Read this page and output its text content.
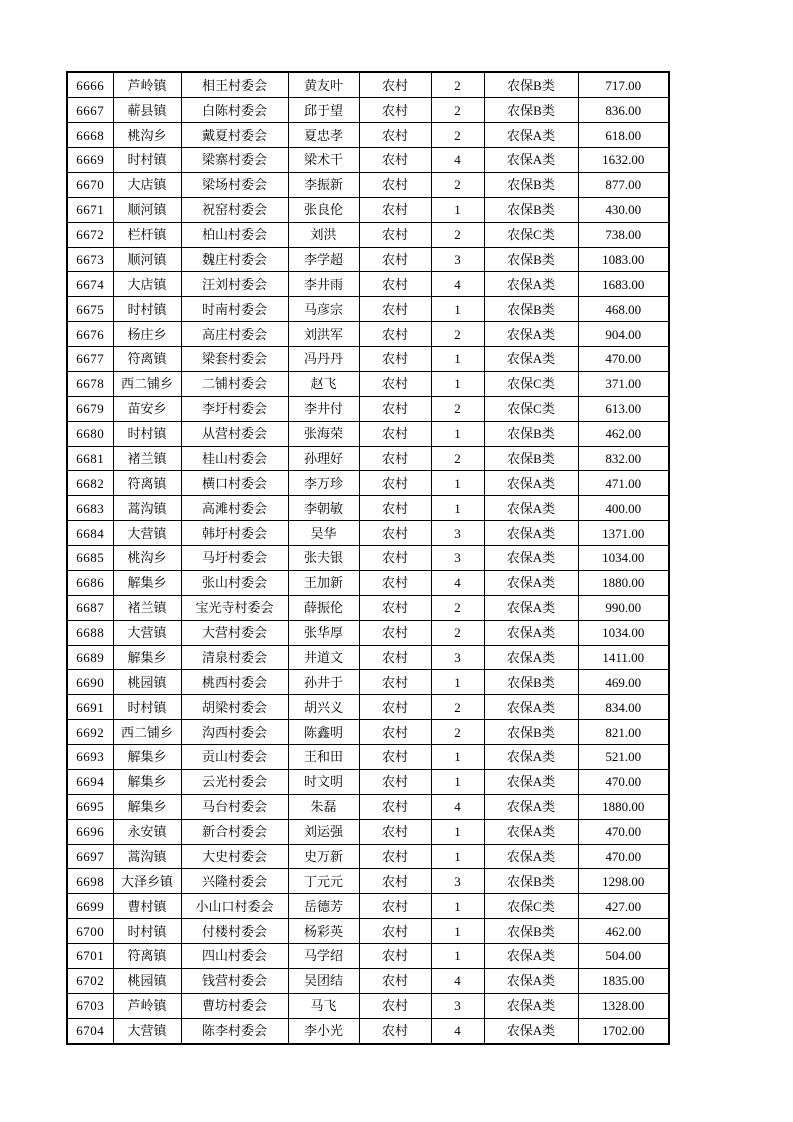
6666	芦岭镇	相王村委会	黄友叶	农村	2	农保B类	717.00
6667	蕲县镇	白陈村委会	邱于望	农村	2	农保B类	836.00
6668	桃沟乡	戴夏村委会	夏忠孝	农村	2	农保A类	618.00
6669	时村镇	梁寨村委会	梁术干	农村	4	农保A类	1632.00
6670	大店镇	梁场村委会	李振新	农村	2	农保B类	877.00
6671	顺河镇	祝窑村委会	张良伦	农村	1	农保B类	430.00
6672	栏杆镇	柏山村委会	刘洪	农村	2	农保C类	738.00
6673	顺河镇	魏庄村委会	李学超	农村	3	农保B类	1083.00
6674	大店镇	汪刘村委会	李井雨	农村	4	农保A类	1683.00
6675	时村镇	时南村委会	马彦宗	农村	1	农保B类	468.00
6676	杨庄乡	高庄村委会	刘洪军	农村	2	农保A类	904.00
6677	符离镇	梁套村委会	冯丹丹	农村	1	农保A类	470.00
6678	西二铺乡	二铺村委会	赵飞	农村	1	农保C类	371.00
6679	苗安乡	李圩村委会	李井付	农村	2	农保C类	613.00
6680	时村镇	从营村委会	张海荣	农村	1	农保B类	462.00
6681	褚兰镇	桂山村委会	孙理好	农村	2	农保B类	832.00
6682	符离镇	横口村委会	李万珍	农村	1	农保A类	471.00
6683	蒿沟镇	高滩村委会	李朝敏	农村	1	农保A类	400.00
6684	大营镇	韩圩村委会	吴华	农村	3	农保A类	1371.00
6685	桃沟乡	马圩村委会	张夫银	农村	3	农保A类	1034.00
6686	解集乡	张山村委会	王加新	农村	4	农保A类	1880.00
6687	褚兰镇	宝光寺村委会	薛振伦	农村	2	农保A类	990.00
6688	大营镇	大营村委会	张华厚	农村	2	农保A类	1034.00
6689	解集乡	清泉村委会	井道文	农村	3	农保A类	1411.00
6690	桃园镇	桃西村委会	孙井于	农村	1	农保B类	469.00
6691	时村镇	胡梁村委会	胡兴义	农村	2	农保A类	834.00
6692	西二铺乡	沟西村委会	陈鑫明	农村	2	农保B类	821.00
6693	解集乡	贡山村委会	王和田	农村	1	农保A类	521.00
6694	解集乡	云光村委会	时文明	农村	1	农保A类	470.00
6695	解集乡	马台村委会	朱磊	农村	4	农保A类	1880.00
6696	永安镇	新合村委会	刘运强	农村	1	农保A类	470.00
6697	蒿沟镇	大史村委会	史万新	农村	1	农保A类	470.00
6698	大泽乡镇	兴隆村委会	丁元元	农村	3	农保B类	1298.00
6699	曹村镇	小山口村委会	岳德芳	农村	1	农保C类	427.00
6700	时村镇	付楼村委会	杨彩英	农村	1	农保B类	462.00
6701	符离镇	四山村委会	马学绍	农村	1	农保A类	504.00
6702	桃园镇	钱营村委会	吴团结	农村	4	农保A类	1835.00
6703	芦岭镇	曹坊村委会	马飞	农村	3	农保A类	1328.00
6704	大营镇	陈李村委会	李小光	农村	4	农保A类	1702.00
